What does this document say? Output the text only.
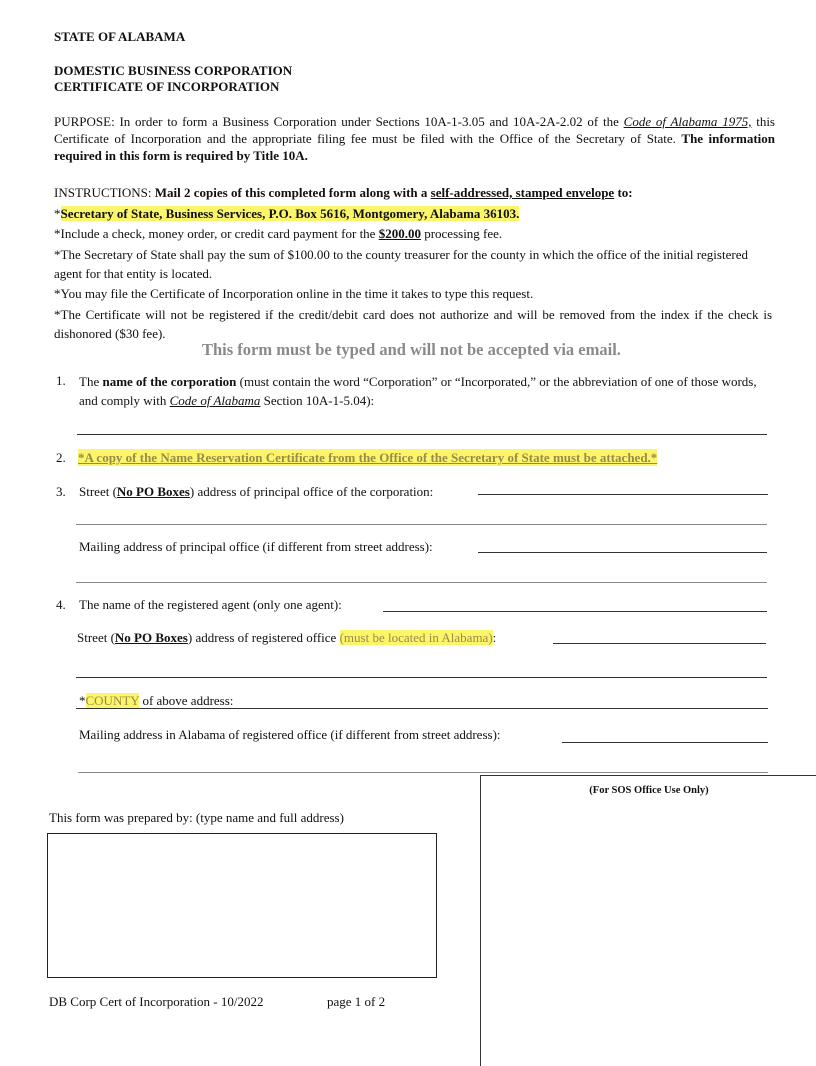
STATE OF ALABAMA
DOMESTIC BUSINESS CORPORATION
CERTIFICATE OF INCORPORATION
PURPOSE: In order to form a Business Corporation under Sections 10A-1-3.05 and 10A-2A-2.02 of the Code of Alabama 1975, this Certificate of Incorporation and the appropriate filing fee must be filed with the Office of the Secretary of State. The information required in this form is required by Title 10A.
INSTRUCTIONS: Mail 2 copies of this completed form along with a self-addressed, stamped envelope to:
*Secretary of State, Business Services, P.O. Box 5616, Montgomery, Alabama 36103.
*Include a check, money order, or credit card payment for the $200.00 processing fee.
*The Secretary of State shall pay the sum of $100.00 to the county treasurer for the county in which the office of the initial registered agent for that entity is located.
*You may file the Certificate of Incorporation online in the time it takes to type this request.
*The Certificate will not be registered if the credit/debit card does not authorize and will be removed from the index if the check is dishonored ($30 fee).
This form must be typed and will not be accepted via email.
1. The name of the corporation (must contain the word “Corporation” or “Incorporated,” or the abbreviation of one of those words, and comply with Code of Alabama Section 10A-1-5.04):
2. *A copy of the Name Reservation Certificate from the Office of the Secretary of State must be attached.*
3. Street (No PO Boxes) address of principal office of the corporation:
Mailing address of principal office (if different from street address):
4. The name of the registered agent (only one agent):
Street (No PO Boxes) address of registered office (must be located in Alabama):
*COUNTY of above address:
Mailing address in Alabama of registered office (if different from street address):
(For SOS Office Use Only)
This form was prepared by: (type name and full address)
DB Corp Cert of Incorporation - 10/2022	page 1 of 2
